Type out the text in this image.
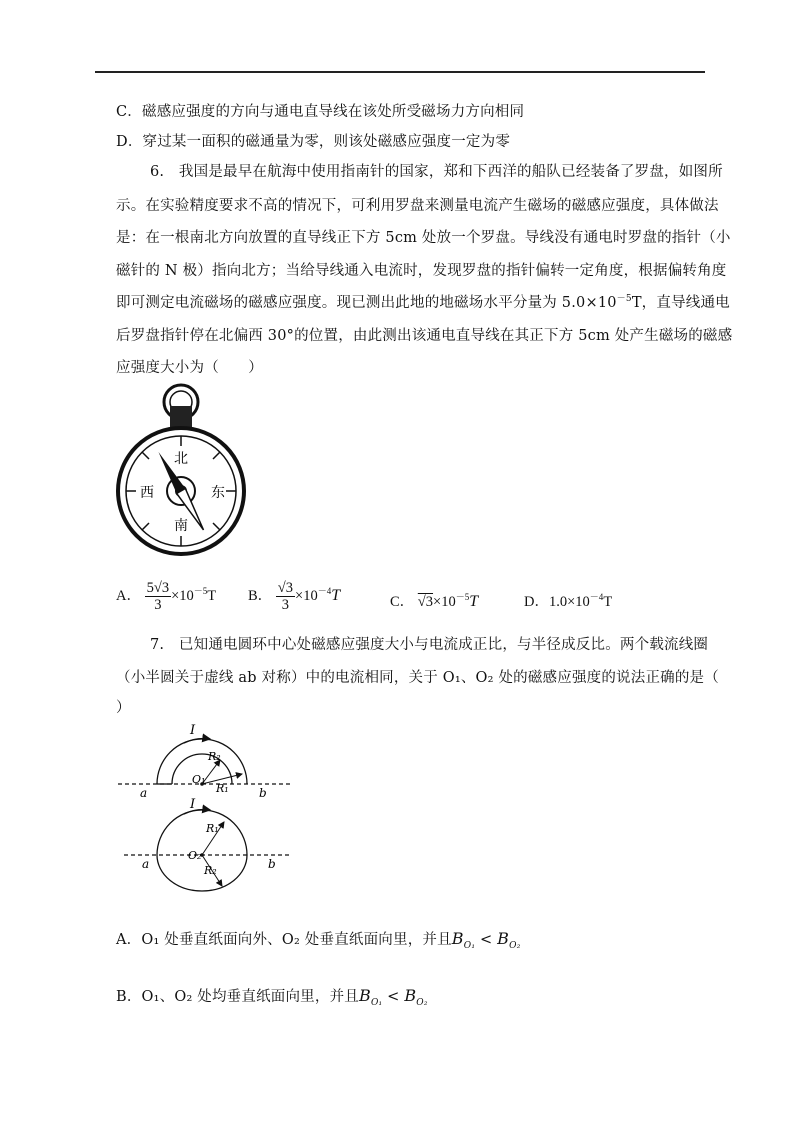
C．磁感应强度的方向与通电直导线在该处所受磁场力方向相同
D．穿过某一面积的磁通量为零，则该处磁感应强度一定为零
6.　我国是最早在航海中使用指南针的国家，郑和下西洋的船队已经装备了罗盘，如图所
示。在实验精度要求不高的情况下，可利用罗盘来测量电流产生磁场的磁感应强度，具体做法
是：在一根南北方向放置的直导线正下方 5cm 处放一个罗盘。导线没有通电时罗盘的指针（小
磁针的 N 极）指向北方；当给导线通入电流时，发现罗盘的指针偏转一定角度，根据偏转角度
即可测定电流磁场的磁感应强度。现已测出此地的地磁场水平分量为 $5.0\times 10^{-5}T$，直导线通电
后罗盘指针停在北偏西 30°的位置，由此测出该通电直导线在其正下方 5cm 处产生磁场的磁感
应强度大小为（　　）
北
南
西	东
A． $\frac{5√3}{3} \times 10^{-5}T$ B． $\frac{√3}{3} \times 10^{-4}T$	C． $√3\times 10^{-5}T$	D．$1.0\times 10^{-4}T$
7.　已知通电圆环中心处磁感应强度大小与电流成正比，与半径成反比。两个载流线圈
（小半圆关于虚线 ab 对称）中的电流相同，关于 O₁、O₂ 处的磁感应强度的说法正确的是（
）
I
R₂
R₁
O₁
a	b
I
R₁
R₂
O₂
a	b
A．O₁ 处垂直纸面向外、O₂ 处垂直纸面向里，并且$B_{O_1} < B_{O_2}$
B．O₁、O₂ 处均垂直纸面向里，并且$B_{O_1} < B_{O_2}$
